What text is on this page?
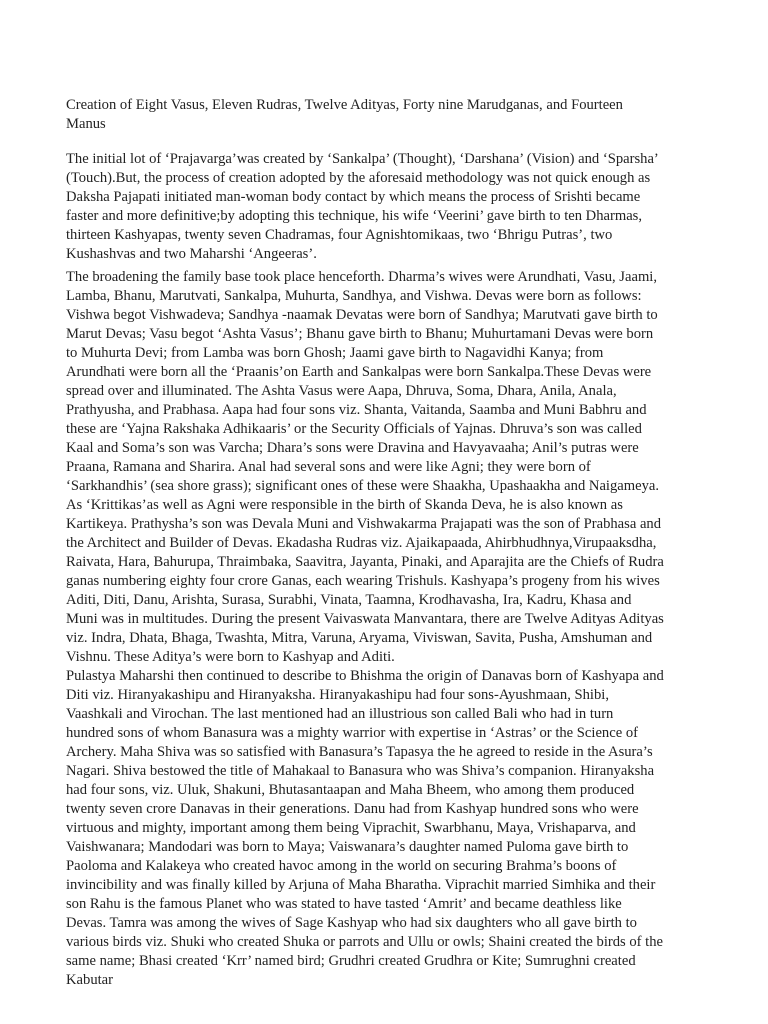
Creation of Eight Vasus, Eleven Rudras, Twelve Adityas, Forty nine Marudganas, and Fourteen Manus

The initial lot of ‘Prajavarga’was created by ‘Sankalpa’ (Thought), ‘Darshana’ (Vision) and ‘Sparsha’ (Touch).But, the process of creation adopted by the aforesaid methodology was not quick enough as Daksha Pajapati initiated man-woman body contact by which means the process of Srishti became faster and more definitive;by adopting this technique, his wife ‘Veerini’ gave birth to ten Dharmas, thirteen Kashyapas, twenty seven Chadramas, four Agnishtomikaas, two ‘Bhrigu Putras’, two Kushashvas and two Maharshi ‘Angeeras’.

The broadening the family base took place henceforth. Dharma’s wives were Arundhati, Vasu, Jaami, Lamba, Bhanu, Marutvati, Sankalpa, Muhurta, Sandhya, and Vishwa. Devas were born as follows: Vishwa begot Vishwadeva; Sandhya -naamak Devatas were born of Sandhya; Marutvati gave birth to Marut Devas; Vasu begot ‘Ashta Vasus’; Bhanu gave birth to Bhanu; Muhurtamani Devas were born to Muhurta Devi; from Lamba was born Ghosh; Jaami gave birth to Nagavidhi Kanya; from Arundhati were born all the ‘Praanis’on Earth and Sankalpas were born Sankalpa.These Devas were spread over and illuminated. The Ashta Vasus were Aapa, Dhruva, Soma, Dhara, Anila, Anala, Prathyusha, and Prabhasa. Aapa had four sons viz. Shanta, Vaitanda, Saamba and Muni Babhru and these are ‘Yajna Rakshaka Adhikaaris’ or the Security Officials of Yajnas. Dhruva’s son was called Kaal and Soma’s son was Varcha; Dhara’s sons were Dravina and Havyavaaha; Anil’s putras were Praana, Ramana and Sharira. Anal had several sons and were like Agni; they were born of ‘Sarkhandhis’ (sea shore grass); significant ones of these were Shaakha, Upashaakha and Naigameya. As ‘Krittikas’as well as Agni were responsible in the birth of Skanda Deva, he is also known as Kartikeya. Prathysha’s son was Devala Muni and Vishwakarma Prajapati was the son of Prabhasa and the Architect and Builder of Devas. Ekadasha Rudras viz. Ajaikapaada, Ahirbhudhnya,Virupaaksdha, Raivata, Hara, Bahurupa, Thraimbaka, Saavitra, Jayanta, Pinaki, and Aparajita are the Chiefs of Rudra ganas numbering eighty four crore Ganas, each wearing Trishuls. Kashyapa’s progeny from his wives Aditi, Diti, Danu, Arishta, Surasa, Surabhi, Vinata, Taamna, Krodhavasha, Ira, Kadru, Khasa and Muni was in multitudes. During the present Vaivaswata Manvantara, there are Twelve Adityas Adityas viz. Indra, Dhata, Bhaga, Twashta, Mitra, Varuna, Aryama, Viviswan, Savita, Pusha, Amshuman and Vishnu. These Aditya’s were born to Kashyap and Aditi.

Pulastya Maharshi then continued to describe to Bhishma the origin of Danavas born of Kashyapa and Diti viz. Hiranyakashipu and Hiranyaksha. Hiranyakashipu had four sons-Ayushmaan, Shibi, Vaashkali and Virochan. The last mentioned had an illustrious son called Bali who had in turn hundred sons of whom Banasura was a mighty warrior with expertise in ‘Astras’ or the Science of Archery. Maha Shiva was so satisfied with Banasura’s Tapasya the he agreed to reside in the Asura’s Nagari. Shiva bestowed the title of Mahakaal to Banasura who was Shiva’s companion. Hiranyaksha had four sons, viz. Uluk, Shakuni, Bhutasantaapan and Maha Bheem, who among them produced twenty seven crore Danavas in their generations. Danu had from Kashyap hundred sons who were virtuous and mighty, important among them being Viprachit, Swarbhanu, Maya, Vrishaparva, and Vaishwanara; Mandodari was born to Maya; Vaiswanara’s daughter named Puloma gave birth to Paoloma and Kalakeya who created havoc among in the world on securing Brahma’s boons of invincibility and was finally killed by Arjuna of Maha Bharatha. Viprachit married Simhika and their son Rahu is the famous Planet who was stated to have tasted ‘Amrit’ and became deathless like Devas. Tamra was among the wives of Sage Kashyap who had six daughters who all gave birth to various birds viz. Shuki who created Shuka or parrots and Ullu or owls; Shaini created the birds of the same name; Bhasi created ‘Krr’ named bird; Grudhri created Grudhra or Kite; Sumrughni created Kabutar
